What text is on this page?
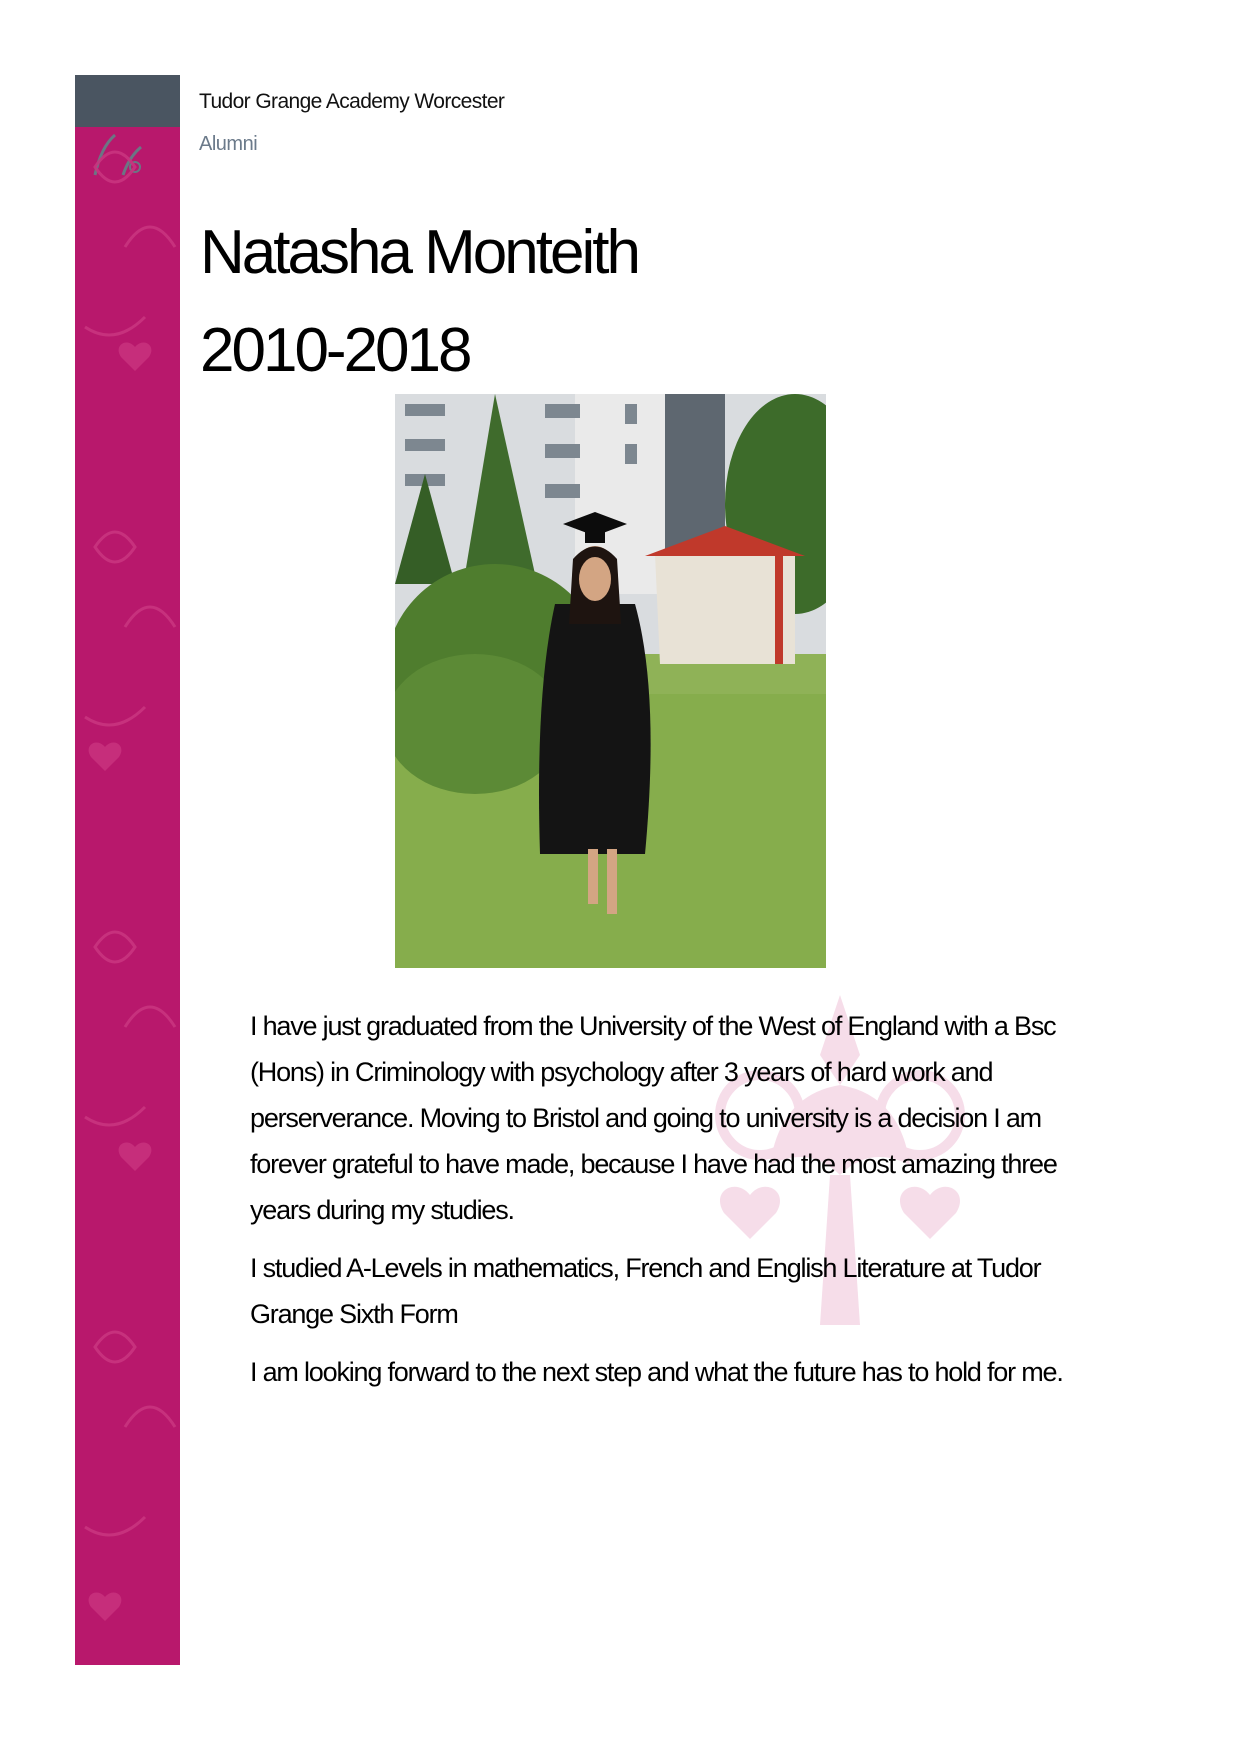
Tudor Grange Academy Worcester
Alumni
Natasha Monteith
2010-2018

I have just graduated from the University of the West of England with a Bsc (Hons) in Criminology with psychology after 3 years of hard work and perserverance. Moving to Bristol and going to university is a decision I am forever grateful to have made, because I have had the most amazing three years during my studies.

I studied A-Levels in mathematics, French and English Literature at Tudor Grange Sixth Form

I am looking forward to the next step and what the future has to hold for me.
